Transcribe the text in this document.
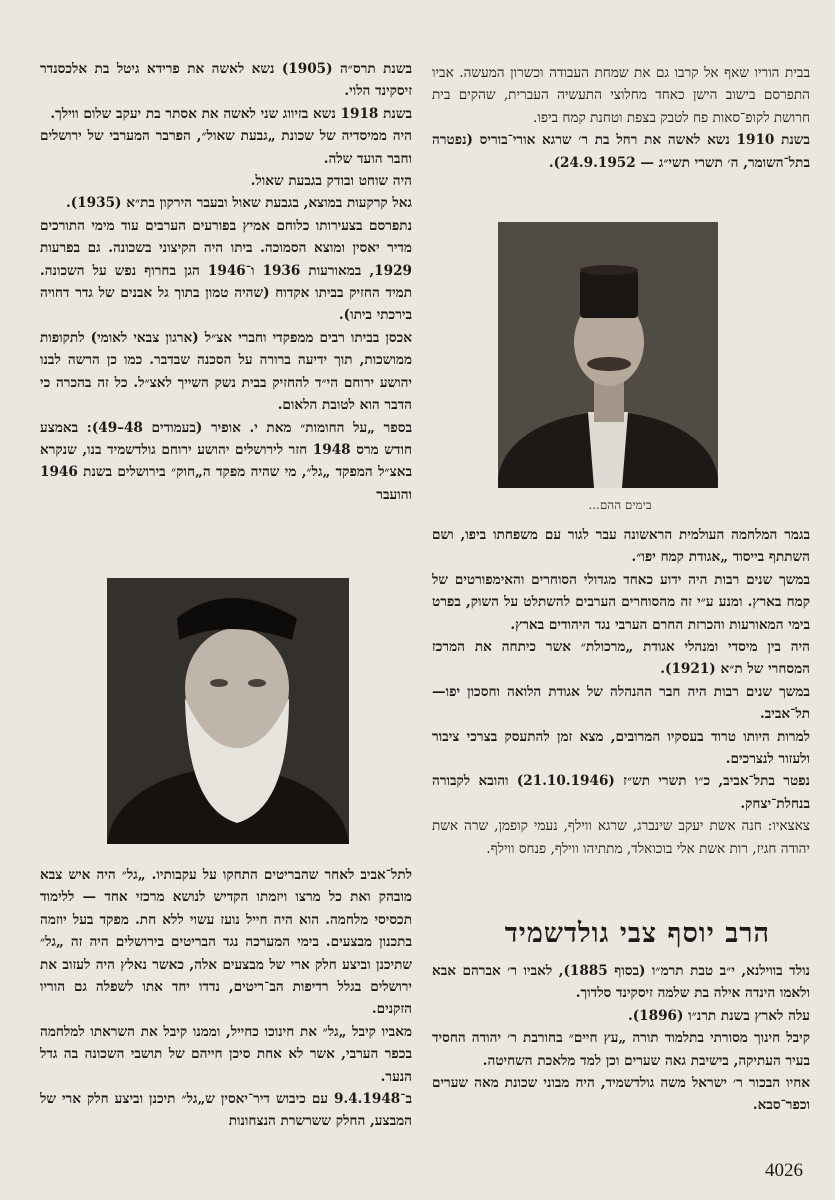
בבית הוריו שאף אל קרבו גם את שמחת העבודה וכשרון המעשה. אביו התפרסם בישוב הישן כאחד מחלוצי התעשיה העברית, שהקים בית חרושת לקופ־סאות פח לטבק בצפת וטחנת קמח ביפו.

בשנת 1910 נשא לאשה את רחל בת ר׳ שרגא אורי־בוריס (נפטרה בתל־השומר, ה׳ תשרי תשי״ג — 24.9.1952).

בימים ההם...

בגמר המלחמה העולמית הראשונה עבר לגור עם משפחתו ביפו, ושם השתתף בייסוד „אגודת קמח יפו״.

במשך שנים רבות היה ידוע כאחד מגדולי הסוחרים והאימפורטים של קמח בארץ. ומנע ע״י זה מהסוחרים הערבים להשתלט על השוק, בפרט בימי המאורעות והכרזת החרם הערבי נגד היהודים בארץ.

היה בין מיסדי ומנהלי אגודת „מרכולת״ אשר כיתחה את המרכז המסחרי של ת״א (1921).

במשך שנים רבות היה חבר ההנהלה של אגודת הלואה וחסכון יפו—תל־אביב.

למרות היותו טרוד בעסקיו המרובים, מצא זמן להתעסק בצרכי ציבור ולעזור לנצרכים.

נפטר בתל־אביב, כ״ו תשרי תש״ז (21.10.1946) והובא לקבורה בנחלת־יצחק.

צאצאיו: חנה אשת יעקב שינברג, שרגא ווילף, נעמי קופמן, שרה אשת יהודה חגיז, רות אשת אלי בוכואלד, מתתיהו ווילף, פנחס ווילף.

הרב יוסף צבי גולדשמיד

נולד בווילנא, י״ב טבת תרמ״ו (בסוף 1885), לאביו ר׳ אברהם אבא ולאמו הינדה אילה בת שלמה זיסקינד סלדוך.

עלה לארץ בשנת תרנ״ו (1896).

קיבל חינוך מסורתי בתלמוד תורה „עץ חיים״ בחורבת ר׳ יהודה החסיד בעיר העתיקה, בישיבת גאה שערים וכן למד מלאכת השחיטה.

אחיו הבכור ר׳ ישראל משה גולדשמיד, היה מבוני שכונת מאה שערים וכפר־סבא.

בשנת תרס״ה (1905) נשא לאשה את פרידא גיטל בת אלכסנדר זיסקינד הלוי.

בשנת 1918 נשא בזיווג שני לאשה את אסתר בת יעקב שלום ווילך.

היה ממיסדיה של שכונת „גבעת שאול״, הפרבר המערבי של ירושלים וחבר הועד שלה.

היה שוחט ובודק בגבעת שאול.

גאל קרקעות במוצא, בגבעת שאול ובעבר הירקון בת״א (1935).

נתפרסם בצעירותו כלוחם אמיץ בפורעים הערבים עוד מימי התורכים מדיר יאסין ומוצא הסמוכה. ביתו היה הקיצוני בשכונה. גם בפרעות 1929, במאורעות 1936 ו־1946 הגן בחרוף נפש על השכונה. תמיד החזיק בביתו אקדוח (שהיה טמון בתוך גל אבנים של גדר דחויה בירכתי ביתו).

אכסן בביתו רבים ממפקדי וחברי אצ״ל (ארגון צבאי לאומי) לתקופות ממושכות, תוך ידיעה ברורה על הסכנה שבדבר. כמו כן הרשה לבנו יהושע ירוחם הי״ד להחזיק בבית נשק השייך לאצ״ל. כל זה בהכרה כי הדבר הוא לטובת הלאום.

בספר „על החומות״ מאת י. אופיר (בעמודים 48–49): באמצע חודש מרס 1948 חזר לירושלים יהושע ירוחם גולדשמיד בנו, שנקרא באצ״ל המפקד „גל״, מי שהיה מפקד ה„חוק״ בירושלים בשנת 1946 והועבר

לתל־אביב לאחר שהבריטים התחקו על עקבותיו. „גל״ היה איש צבא מובהק ואת כל מרצו ויזמתו הקדיש לנושא מרכזי אחד — ללימוד תכסיסי מלחמה. הוא היה חייל נועז עשוי ללא חת. מפקד בעל יוזמה בתכנון מבצעים. בימי המערכה נגד הבריטים בירושלים היה זה „גל״ שתיכנן וביצע חלק ארי של מבצעים אלה, כאשר נאלץ היה לעזוב את ירושלים בגלל רדיפות הב־ריטים, נדדו יחד אתו לשפלה גם הוריו הזקנים.

מאביו קיבל „גל״ את חינוכו כחייל, וממנו קיבל את השראתו למלחמה בכפר הערבי, אשר לא אחת סיכן חייהם של תושבי השכונה בה גדל הנער.

ב־9.4.1948 עם כיבוש דיר־יאסין ש„גל״ תיכנן וביצע חלק ארי של המבצע, החלק ששרשרת הנצחונות

4026
